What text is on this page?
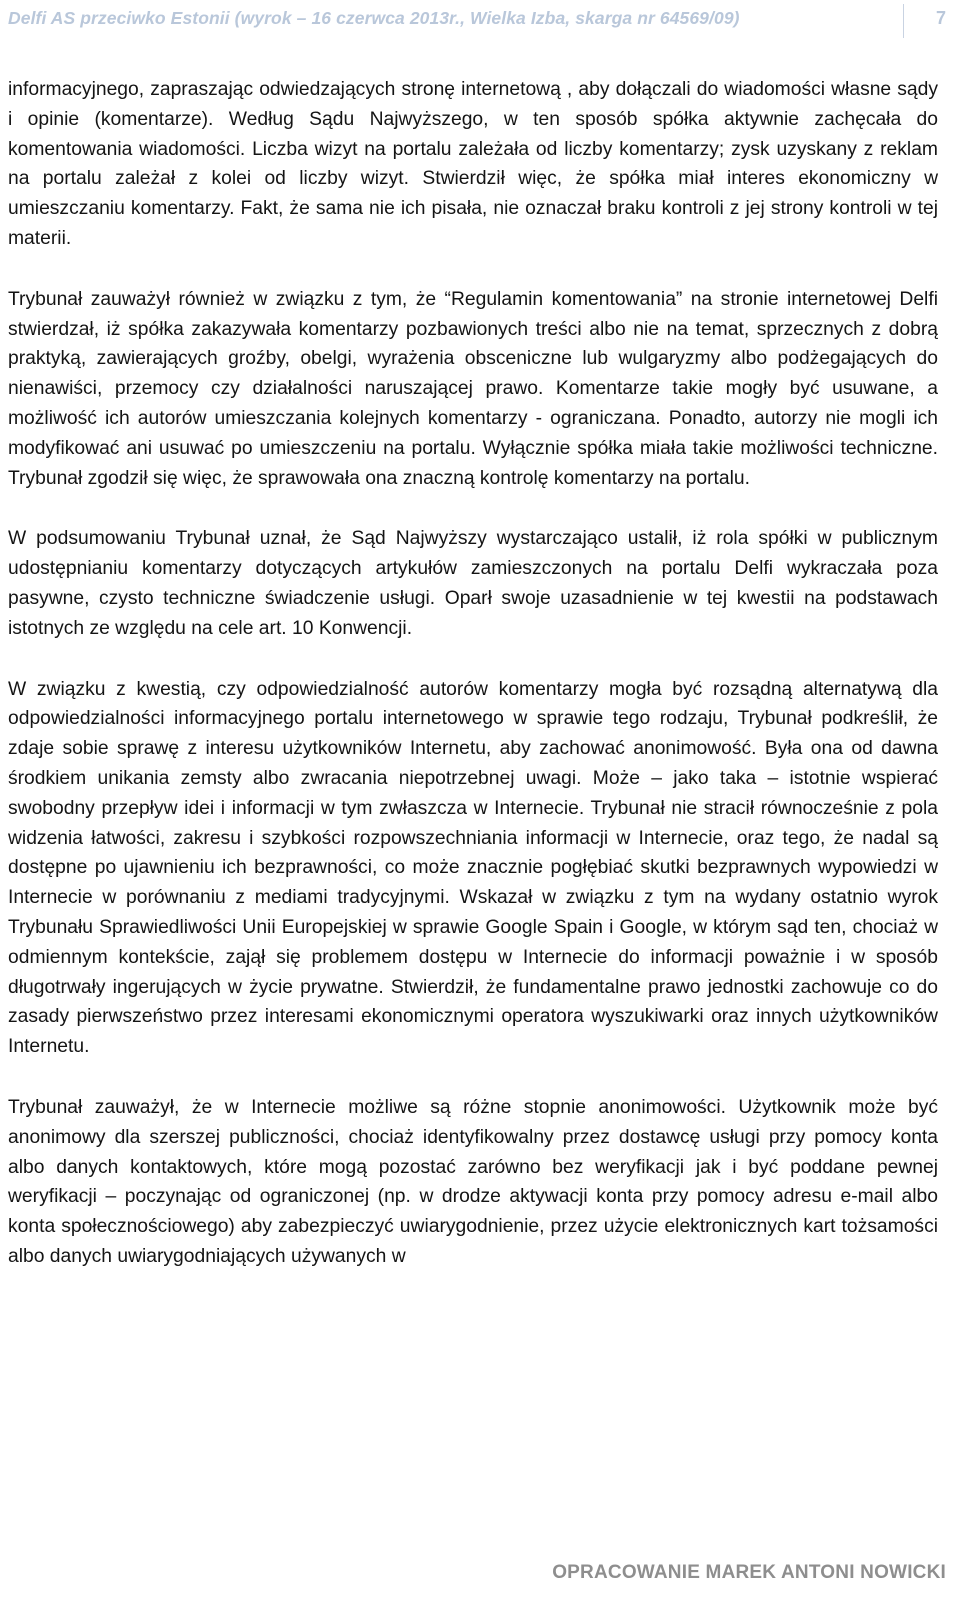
Delfi AS przeciwko Estonii (wyrok – 16 czerwca 2013r., Wielka Izba, skarga nr 64569/09)	7

informacyjnego, zapraszając odwiedzających stronę internetową , aby dołączali do wiadomości własne sądy i opinie (komentarze). Według Sądu Najwyższego, w ten sposób spółka aktywnie zachęcała do komentowania wiadomości. Liczba wizyt na portalu zależała od liczby komentarzy; zysk uzyskany z reklam na portalu zależał z kolei od liczby wizyt. Stwierdził więc, że spółka miał interes ekonomiczny w umieszczaniu komentarzy. Fakt, że sama nie ich pisała, nie oznaczał braku kontroli z jej strony kontroli w tej materii.

Trybunał zauważył również w związku z tym, że “Regulamin komentowania” na stronie internetowej Delfi stwierdzał, iż spółka zakazywała komentarzy pozbawionych treści albo nie na temat, sprzecznych z dobrą praktyką, zawierających groźby, obelgi, wyrażenia obsceniczne lub wulgaryzmy albo podżegających do nienawiści, przemocy czy działalności naruszającej prawo. Komentarze takie mogły być usuwane, a możliwość ich autorów umieszczania kolejnych komentarzy - ograniczana. Ponadto, autorzy nie mogli ich modyfikować ani usuwać po umieszczeniu na portalu. Wyłącznie spółka miała takie możliwości techniczne. Trybunał zgodził się więc, że sprawowała ona znaczną kontrolę komentarzy na portalu.

W podsumowaniu Trybunał uznał, że Sąd Najwyższy wystarczająco ustalił, iż rola spółki w publicznym udostępnianiu komentarzy dotyczących artykułów zamieszczonych na portalu Delfi wykraczała poza pasywne, czysto techniczne świadczenie usługi. Oparł swoje uzasadnienie w tej kwestii na podstawach istotnych ze względu na cele art. 10 Konwencji.

W związku z kwestią, czy odpowiedzialność autorów komentarzy mogła być rozsądną alternatywą dla odpowiedzialności informacyjnego portalu internetowego w sprawie tego rodzaju, Trybunał podkreślił, że zdaje sobie sprawę z interesu użytkowników Internetu, aby zachować anonimowość. Była ona od dawna środkiem unikania zemsty albo zwracania niepotrzebnej uwagi. Może – jako taka – istotnie wspierać swobodny przepływ idei i informacji w tym zwłaszcza w Internecie. Trybunał nie stracił równocześnie z pola widzenia łatwości, zakresu i szybkości rozpowszechniania informacji w Internecie, oraz tego, że nadal są dostępne po ujawnieniu ich bezprawności, co może znacznie pogłębiać skutki bezprawnych wypowiedzi w Internecie w porównaniu z mediami tradycyjnymi. Wskazał w związku z tym na wydany ostatnio wyrok Trybunału Sprawiedliwości Unii Europejskiej w sprawie Google Spain i Google, w którym sąd ten, chociaż w odmiennym kontekście, zajął się problemem dostępu w Internecie do informacji poważnie i w sposób długotrwały ingerujących w życie prywatne. Stwierdził, że fundamentalne prawo jednostki zachowuje co do zasady pierwszeństwo przez interesami ekonomicznymi operatora wyszukiwarki oraz innych użytkowników Internetu.

Trybunał zauważył, że w Internecie możliwe są różne stopnie anonimowości. Użytkownik może być anonimowy dla szerszej publiczności, chociaż identyfikowalny przez dostawcę usługi przy pomocy konta albo danych kontaktowych, które mogą pozostać zarówno bez weryfikacji jak i być poddane pewnej weryfikacji – poczynając od ograniczonej (np. w drodze aktywacji konta przy pomocy adresu e-mail albo konta społecznościowego) aby zabezpieczyć uwiarygodnienie, przez użycie elektronicznych kart tożsamości albo danych uwiarygodniających używanych w

OPRACOWANIE MAREK ANTONI NOWICKI
